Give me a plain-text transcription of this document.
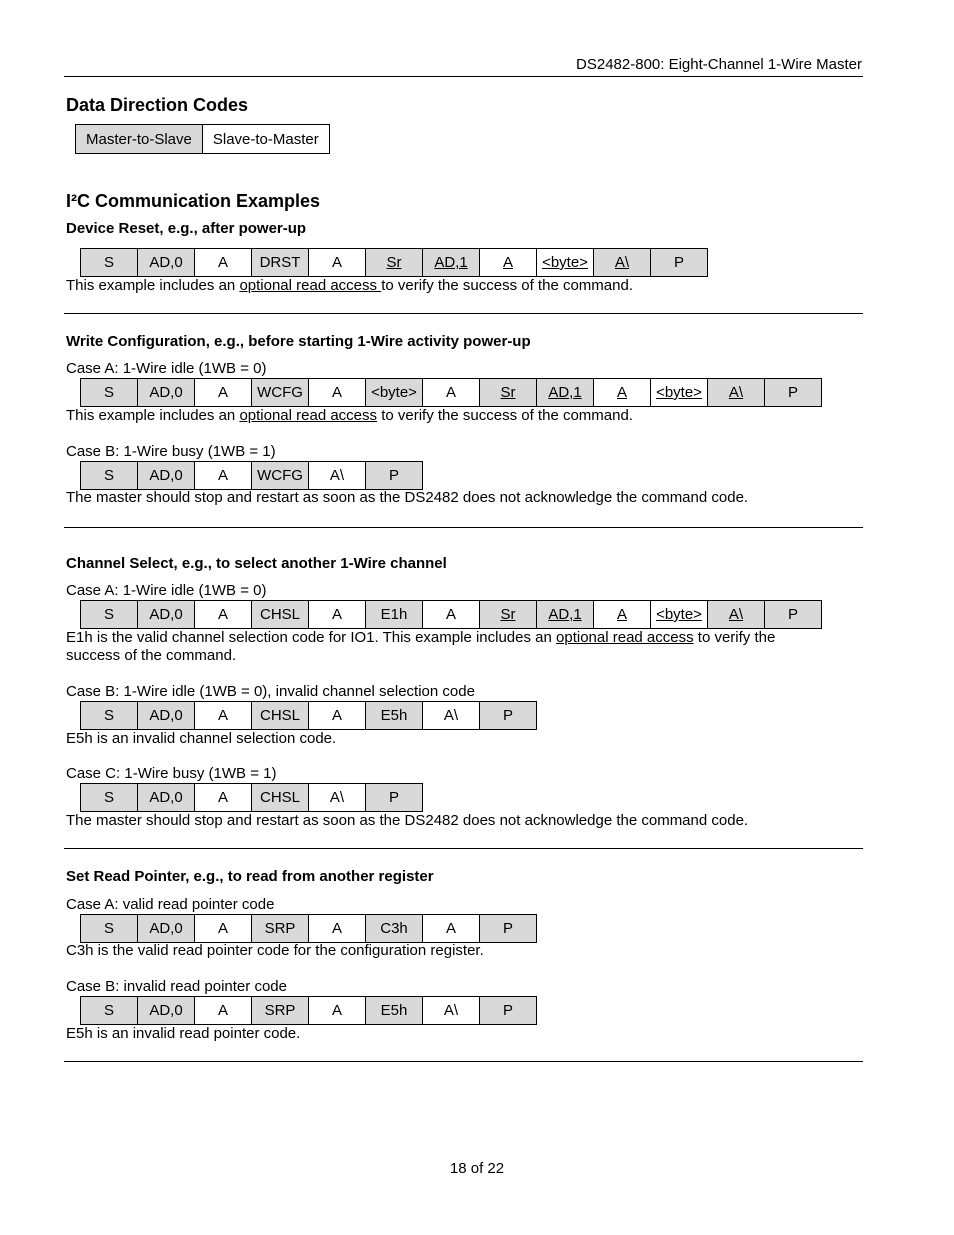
DS2482-800: Eight-Channel 1-Wire Master
Data Direction Codes
Master-to-Slave	Slave-to-Master
I²C Communication Examples
Device Reset, e.g., after power-up
S	AD,0	A	DRST	A	Sr	AD,1	A	<byte>	A\	P
This example includes an optional read access to verify the success of the command.
Write Configuration, e.g., before starting 1-Wire activity power-up
Case A: 1-Wire idle (1WB = 0)
S	AD,0	A	WCFG	A	<byte>	A	Sr	AD,1	A	<byte>	A\	P
This example includes an optional read access to verify the success of the command.
Case B: 1-Wire busy (1WB = 1)
S	AD,0	A	WCFG	A\	P
The master should stop and restart as soon as the DS2482 does not acknowledge the command code.
Channel Select, e.g., to select another 1-Wire channel
Case A: 1-Wire idle (1WB = 0)
S	AD,0	A	CHSL	A	E1h	A	Sr	AD,1	A	<byte>	A\	P
E1h is the valid channel selection code for IO1. This example includes an optional read access to verify the success of the command.
Case B: 1-Wire idle (1WB = 0), invalid channel selection code
S	AD,0	A	CHSL	A	E5h	A\	P
E5h is an invalid channel selection code.
Case C: 1-Wire busy (1WB = 1)
S	AD,0	A	CHSL	A\	P
The master should stop and restart as soon as the DS2482 does not acknowledge the command code.
Set Read Pointer, e.g., to read from another register
Case A: valid read pointer code
S	AD,0	A	SRP	A	C3h	A	P
C3h is the valid read pointer code for the configuration register.
Case B: invalid read pointer code
S	AD,0	A	SRP	A	E5h	A\	P
E5h is an invalid read pointer code.
18 of 22
